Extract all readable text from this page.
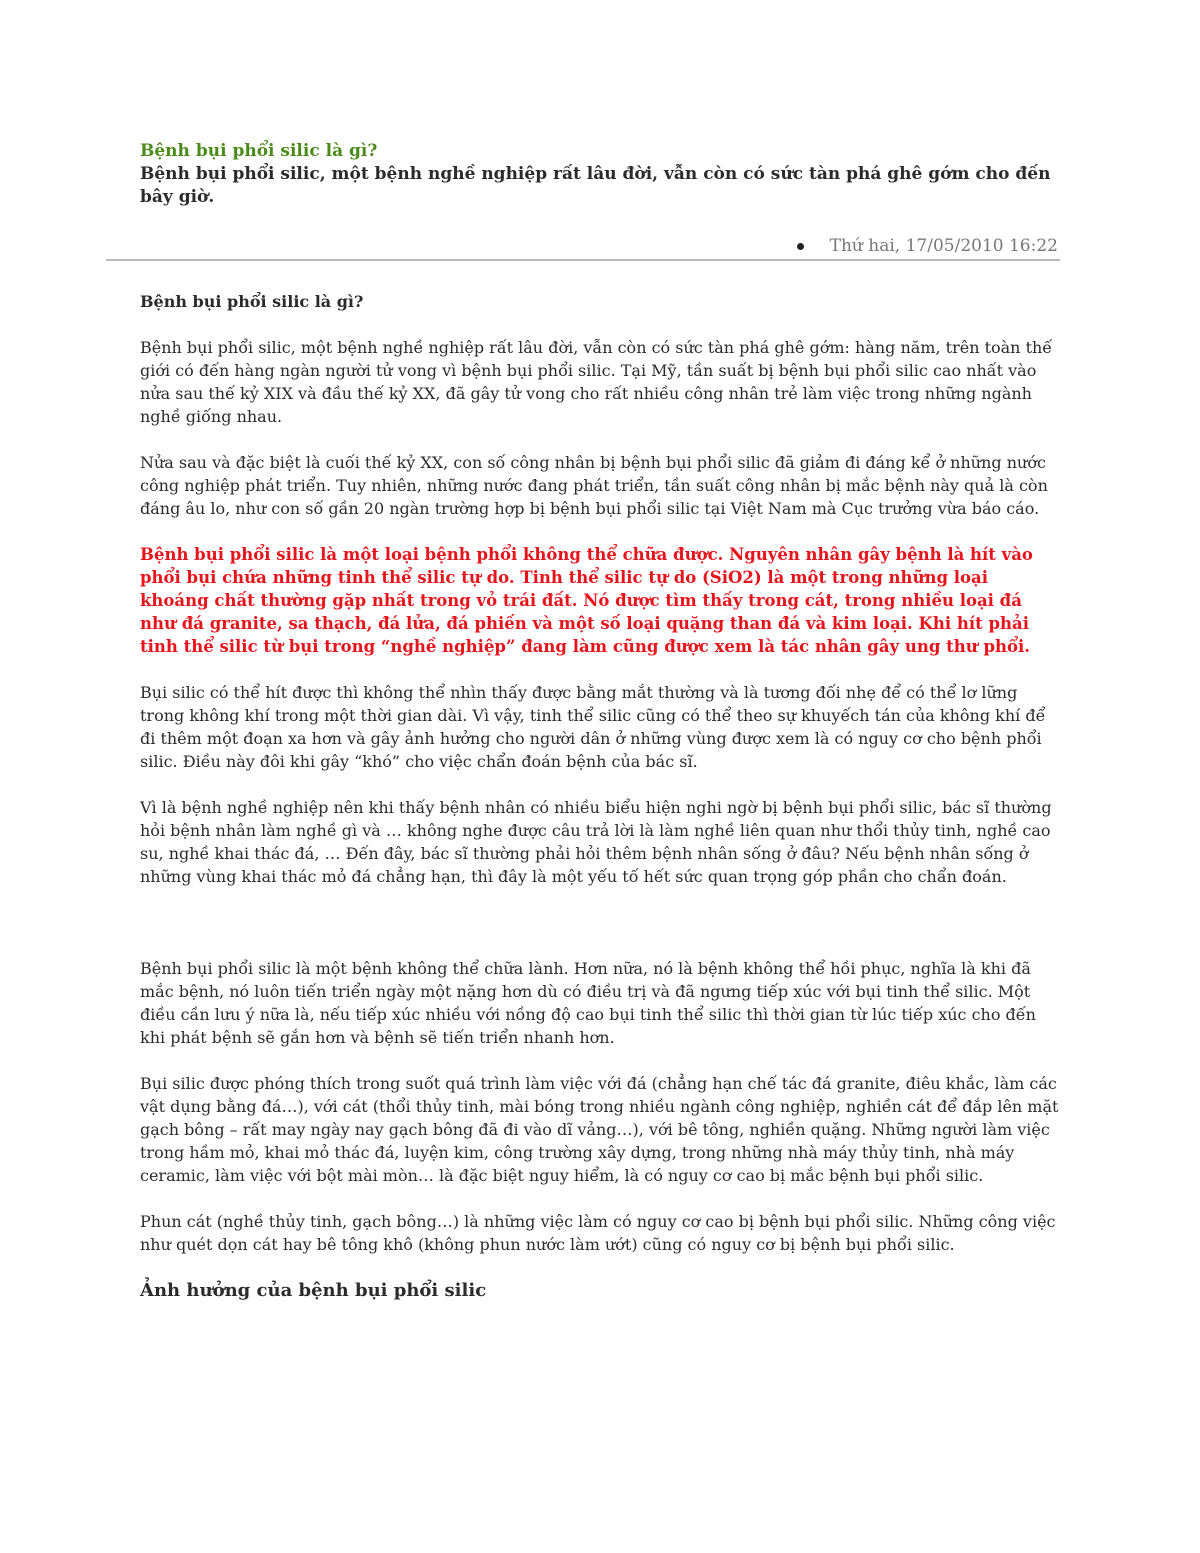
Bệnh bụi phổi silic là gì?

Bệnh bụi phổi silic, một bệnh nghề nghiệp rất lâu đời, vẫn còn có sức tàn phá ghê gớm cho đến bây giờ.

Thứ hai, 17/05/2010 16:22

Bệnh bụi phổi silic là gì?

Bệnh bụi phổi silic, một bệnh nghề nghiệp rất lâu đời, vẫn còn có sức tàn phá ghê gớm: hàng năm, trên toàn thế giới có đến hàng ngàn người tử vong vì bệnh bụi phổi silic. Tại Mỹ, tần suất bị bệnh bụi phổi silic cao nhất vào nửa sau thế kỷ XIX và đầu thế kỷ XX, đã gây tử vong cho rất nhiều công nhân trẻ làm việc trong những ngành nghề giống nhau.

Nửa sau và đặc biệt là cuối thế kỷ XX, con số công nhân bị bệnh bụi phổi silic đã giảm đi đáng kể ở những nước công nghiệp phát triển. Tuy nhiên, những nước đang phát triển, tần suất công nhân bị mắc bệnh này quả là còn đáng âu lo, như con số gần 20 ngàn trường hợp bị bệnh bụi phổi silic tại Việt Nam mà Cục trưởng vừa báo cáo.

Bệnh bụi phổi silic là một loại bệnh phổi không thể chữa được. Nguyên nhân gây bệnh là hít vào phổi bụi chứa những tinh thể silic tự do. Tinh thể silic tự do (SiO2) là một trong những loại khoáng chất thường gặp nhất trong vỏ trái đất. Nó được tìm thấy trong cát, trong nhiều loại đá như đá granite, sa thạch, đá lửa, đá phiến và một số loại quặng than đá và kim loại. Khi hít phải tinh thể silic từ bụi trong “nghề nghiệp” đang làm cũng được xem là tác nhân gây ung thư phổi.

Bụi silic có thể hít được thì không thể nhìn thấy được bằng mắt thường và là tương đối nhẹ để có thể lơ lững trong không khí trong một thời gian dài. Vì vậy, tinh thể silic cũng có thể theo sự khuyếch tán của không khí để đi thêm một đoạn xa hơn và gây ảnh hưởng cho người dân ở những vùng được xem là có nguy cơ cho bệnh phổi silic. Điều này đôi khi gây “khó” cho việc chẩn đoán bệnh của bác sĩ.

Vì là bệnh nghề nghiệp nên khi thấy bệnh nhân có nhiều biểu hiện nghi ngờ bị bệnh bụi phổi silic, bác sĩ thường hỏi bệnh nhân làm nghề gì và … không nghe được câu trả lời là làm nghề liên quan như thổi thủy tinh, nghề cao su, nghề khai thác đá, … Đến đây, bác sĩ thường phải hỏi thêm bệnh nhân sống ở đâu? Nếu bệnh nhân sống ở những vùng khai thác mỏ đá chẳng hạn, thì đây là một yếu tố hết sức quan trọng góp phần cho chẩn đoán.

Bệnh bụi phổi silic là một bệnh không thể chữa lành. Hơn nữa, nó là bệnh không thể hồi phục, nghĩa là khi đã mắc bệnh, nó luôn tiến triển ngày một nặng hơn dù có điều trị và đã ngưng tiếp xúc với bụi tinh thể silic. Một điều cần lưu ý nữa là, nếu tiếp xúc nhiều với nồng độ cao bụi tinh thể silic thì thời gian từ lúc tiếp xúc cho đến khi phát bệnh sẽ gắn hơn và bệnh sẽ tiến triển nhanh hơn.

Bụi silic được phóng thích trong suốt quá trình làm việc với đá (chẳng hạn chế tác đá granite, điêu khắc, làm các vật dụng bằng đá…), với cát (thổi thủy tinh, mài bóng trong nhiều ngành công nghiệp, nghiền cát để đắp lên mặt gạch bông – rất may ngày nay gạch bông đã đi vào dĩ vảng…), với bê tông, nghiền quặng. Những người làm việc trong hầm mỏ, khai mỏ thác đá, luyện kim, công trường xây dựng, trong những nhà máy thủy tinh, nhà máy ceramic, làm việc với bột mài mòn… là đặc biệt nguy hiểm, là có nguy cơ cao bị mắc bệnh bụi phổi silic.

Phun cát (nghề thủy tinh, gạch bông…) là những việc làm có nguy cơ cao bị bệnh bụi phổi silic. Những công việc như quét dọn cát hay bê tông khô (không phun nước làm ướt) cũng có nguy cơ bị bệnh bụi phổi silic.

Ảnh hưởng của bệnh bụi phổi silic
